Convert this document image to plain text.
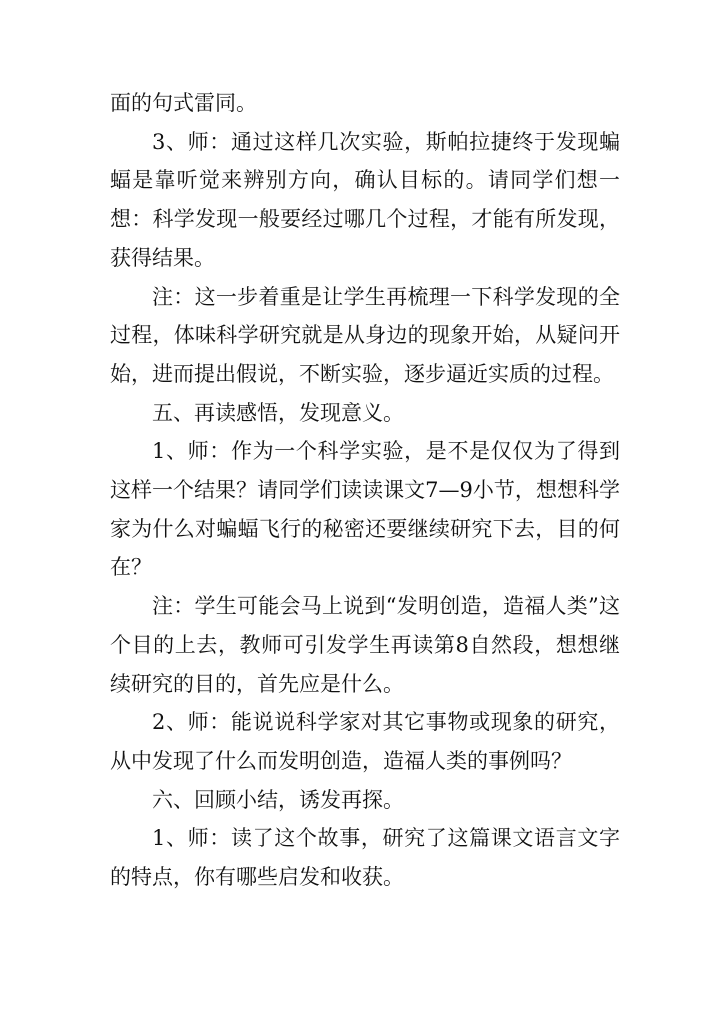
面的句式雷同。

3、师：通过这样几次实验，斯帕拉捷终于发现蝙蝠是靠听觉来辨别方向，确认目标的。请同学们想一想：科学发现一般要经过哪几个过程，才能有所发现，获得结果。

注：这一步着重是让学生再梳理一下科学发现的全过程，体味科学研究就是从身边的现象开始，从疑问开始，进而提出假说，不断实验，逐步逼近实质的过程。

五、再读感悟，发现意义。

1、师：作为一个科学实验，是不是仅仅为了得到这样一个结果？请同学们读读课文7—9小节，想想科学家为什么对蝙蝠飞行的秘密还要继续研究下去，目的何在？

注：学生可能会马上说到“发明创造，造福人类”这个目的上去，教师可引发学生再读第8自然段，想想继续研究的目的，首先应是什么。

2、师：能说说科学家对其它事物或现象的研究，从中发现了什么而发明创造，造福人类的事例吗？

六、回顾小结，诱发再探。

1、师：读了这个故事，研究了这篇课文语言文字的特点，你有哪些启发和收获。
